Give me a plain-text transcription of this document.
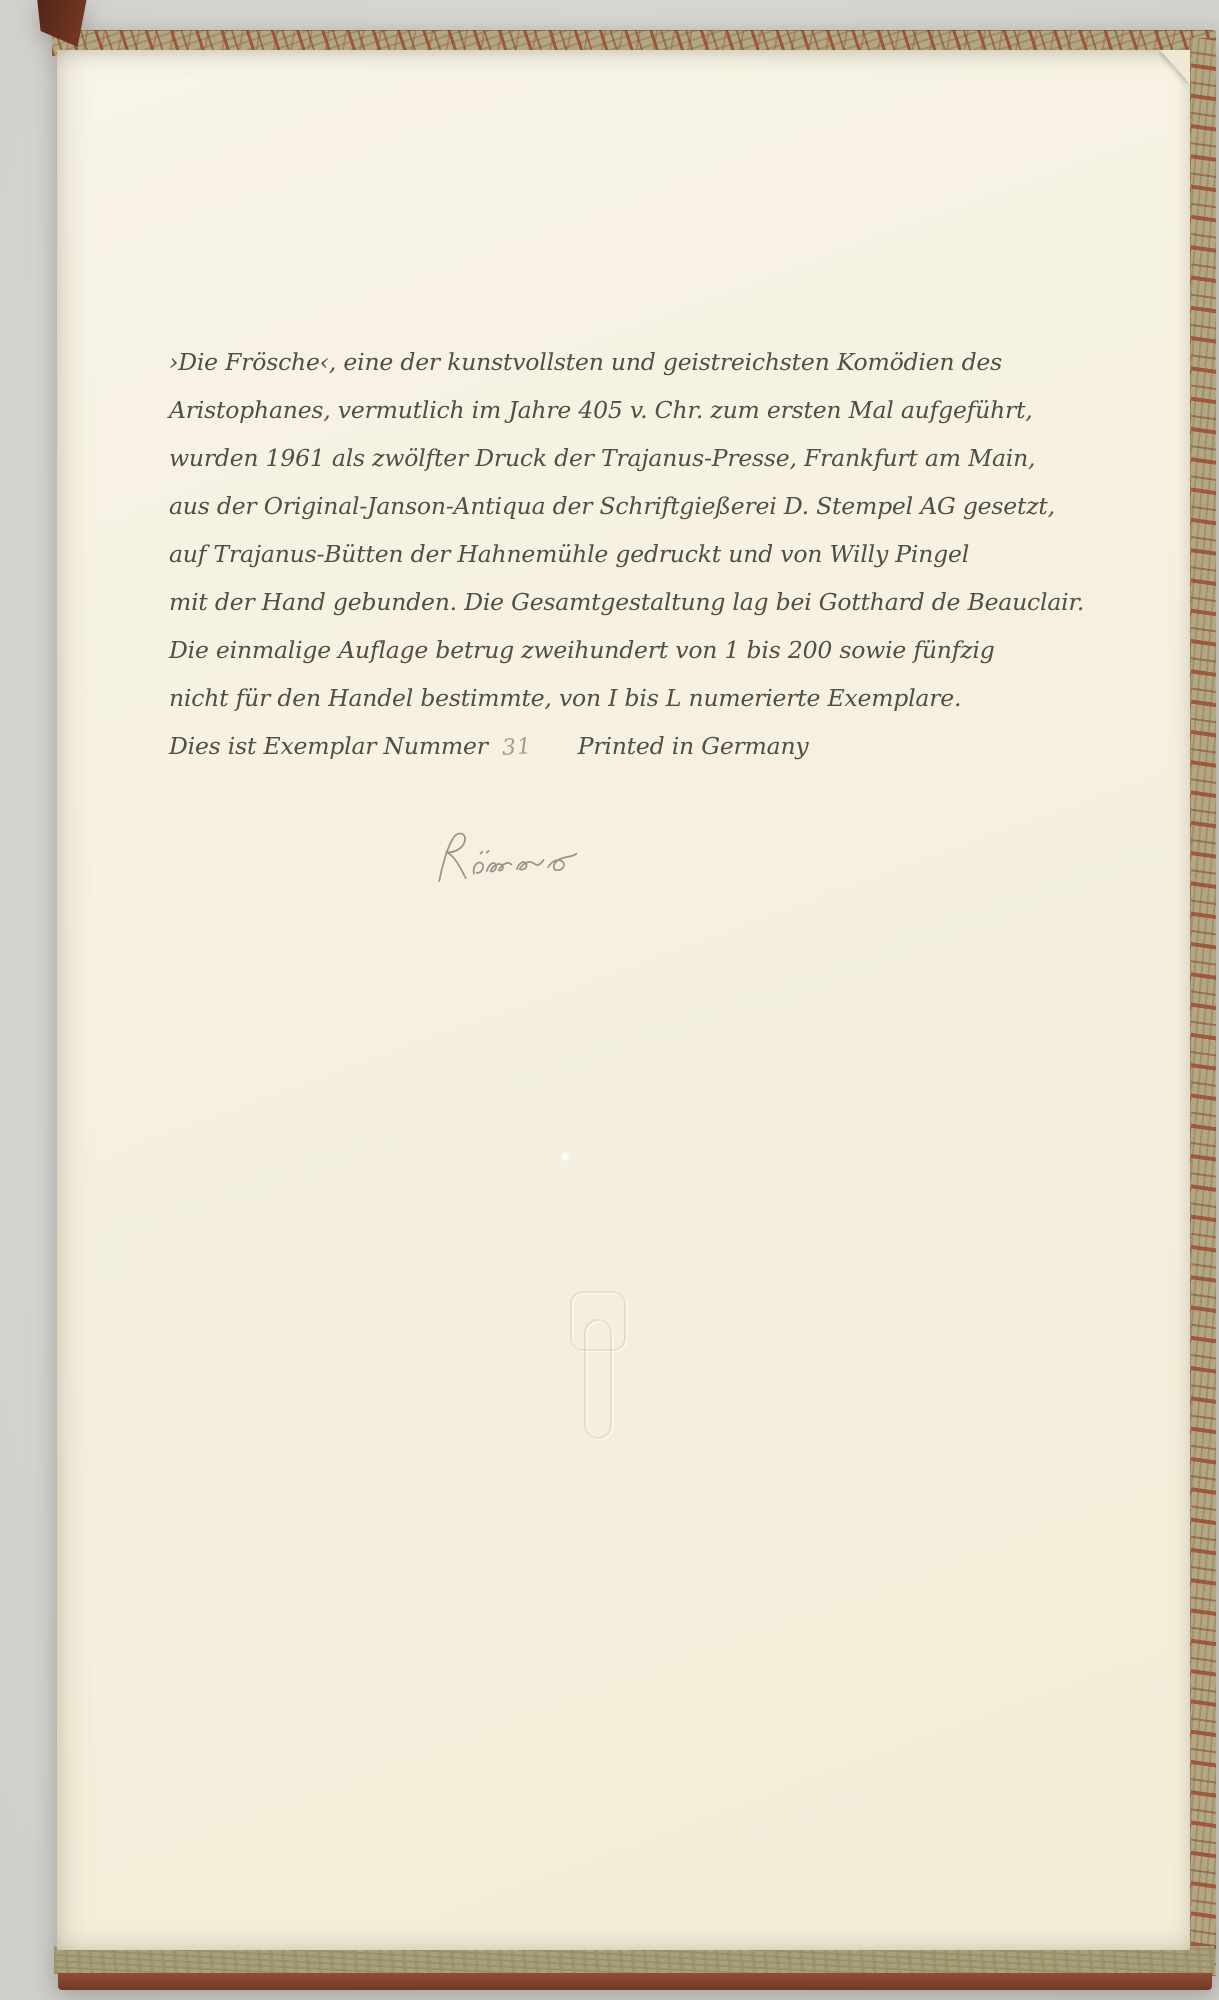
›Die Frösche‹, eine der kunstvollsten und geistreichsten Komödien des
Aristophanes, vermutlich im Jahre 405 v. Chr. zum ersten Mal aufgeführt,
wurden 1961 als zwölfter Druck der Trajanus-Presse, Frankfurt am Main,
aus der Original-Janson-Antiqua der Schriftgießerei D. Stempel AG gesetzt,
auf Trajanus-Bütten der Hahnemühle gedruckt und von Willy Pingel
mit der Hand gebunden. Die Gesamtgestaltung lag bei Gotthard de Beauclair.
Die einmalige Auflage betrug zweihundert von 1 bis 200 sowie fünfzig
nicht für den Handel bestimmte, von I bis L numerierte Exemplare.
Dies ist Exemplar Nummer 31 Printed in Germany
